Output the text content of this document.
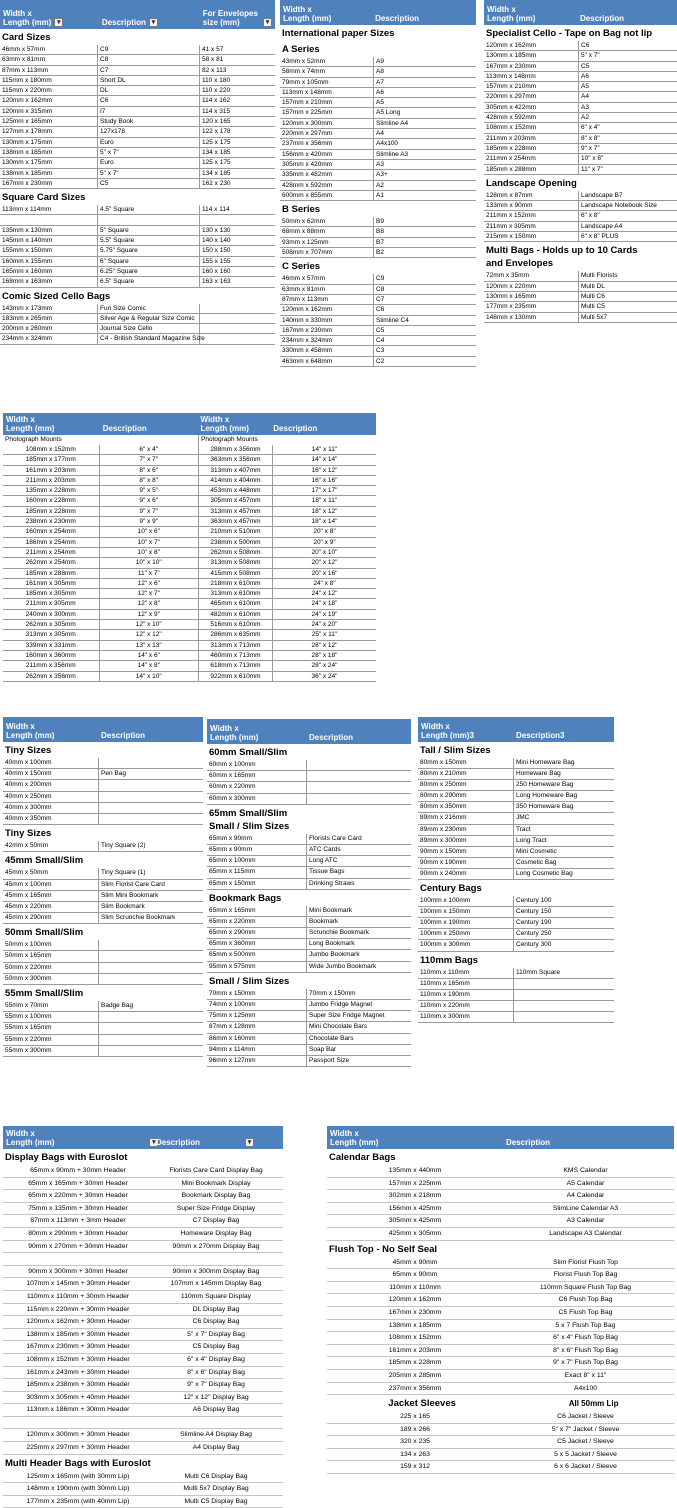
Width x
Length (mm) ▾	Description ▾
For Envelopes
size (mm)	▾
Card Sizes
46mm x 57mm	C9	41 x 57
63mm x 81mm	C8	58 x 81
87mm x 113mm	C7	82 x 113
115mm x 180mm	Short DL	110 x 180
115mm x 220mm	DL	110 x 220
120mm x 162mm	C6	114 x 162
120mm x 315mm	I7	114 x 315
125mm x 165mm	Study Book	120 x 165
127mm x 178mm	127x178	122 x 178
130mm x 175mm	Euro	125 x 175
138mm x 185mm	5" x 7"	134 x 185
130mm x 175mm	Euro	125 x 175
138mm x 185mm	5" x 7"	134 x 185
167mm x 230mm	C5	162 x 230
Square Card Sizes
113mm x 114mm	4.5" Square	114 x 114
135mm x 130mm	5" Square	130 x 130
145mm x 140mm	5.5" Square	140 x 140
155mm x 150mm	5.75" Square	150 x 150
160mm x 155mm	6" Square	155 x 155
165mm x 160mm	6.25" Square	160 x 160
168mm x 163mm	6.5" Square	163 x 163
Comic Sized Cello Bags
143mm x 173mm	Fun Size Comic
183mm x 265mm	Silver Age & Regular Size Comic
200mm x 260mm	Journal Size Cello
234mm x 324mm	C4 - British Standard Magazine Size
Width x
Length (mm)	Description
International paper Sizes
A Series
43mm x 52mm	A9
58mm x 74mm	A8
79mm x 105mm	A7
113mm x 148mm	A6
157mm x 210mm	A5
157mm x 225mm	A5 Long
120mm x 300mm	Slimline A4
220mm x 297mm	A4
237mm x 356mm	A4x100
156mm x 420mm	Slimline A3
305mm x 420mm	A3
335mm x 482mm	A3+
428mm x 592mm	A2
600mm x 855mm	A1
B Series
50mm x 62mm	B9
68mm x 88mm	B8
93mm x 125mm	B7
508mm x 707mm	B2
C Series
46mm x 57mm	C9
63mm x 81mm	C8
87mm x 113mm	C7
120mm x 162mm	C6
140mm x 330mm	Slimline C4
167mm x 230mm	C5
234mm x 324mm	C4
330mm x 458mm	C3
463mm x 648mm	C2
Width x
Length (mm)	Description
Specialist Cello - Tape on Bag not lip
120mm x 162mm	C6
130mm x 185mm	5" x 7"
167mm x 230mm	C5
113mm x 148mm	A6
157mm x 210mm	A5
220mm x 297mm	A4
305mm x 422mm	A3
428mm x 592mm	A2
108mm x 152mm	6" x 4"
211mm x 203mm	8" x 8"
185mm x 228mm	9" x 7"
211mm x 254mm	10" x 8"
185mm x 288mm	11" x 7"
Landscape Opening
128mm x 87mm	Landscape B7
133mm x 90mm	Landscape Notebook Size
211mm x 152mm	6" x 8"
211mm x 305mm	Landscape A4
215mm x 150mm	6" x 8" PLUS
Multi Bags - Holds up to 10 Cards
and Envelopes
72mm x 35mm	Multi Florists
120mm x 220mm	Multi DL
130mm x 165mm	Multi C6
177mm x 235mm	Multi C5
148mm x 130mm	Multi 5x7
Width x
Length (mm)	Description
Width x
Length (mm)	Description
Photograph Mounts
108mm x 152mm	6" x 4"
185mm x 177mm	7" x 7"
161mm x 203mm	8" x 6"
211mm x 203mm	8" x 8"
135mm x 228mm	9" x 5"
160mm x 228mm	9" x 6"
185mm x 228mm	9" x 7"
238mm x 230mm	9" x 9"
160mm x 254mm	10" x 6"
186mm x 254mm	10" x 7"
211mm x 254mm	10" x 8"
262mm x 254mm	10" x 10"
185mm x 288mm	11" x 7"
161mm x 305mm	12" x 6"
185mm x 305mm	12" x 7"
211mm x 305mm	12" x 8"
240mm x 300mm	12" x 9"
262mm x 305mm	12" x 10"
313mm x 305mm	12" x 12"
339mm x 331mm	13" x 13"
160mm x 360mm	14" x 6"
211mm x 356mm	14" x 8"
262mm x 356mm	14" x 10"
Photograph Mounts
288mm x 356mm	14" x 11"
363mm x 356mm	14" x 14"
313mm x 407mm	16" x 12"
414mm x 404mm	16" x 16"
453mm x 448mm	17" x 17"
305mm x 457mm	18" x 11"
313mm x 457mm	18" x 12"
363mm x 457mm	18" x 14"
210mm x 510mm	20" x 8"
238mm x 500mm	20" x 9"
262mm x 508mm	20" x 10"
313mm x 508mm	20" x 12"
415mm x 508mm	20" x 16"
218mm x 610mm	24" x 8"
313mm x 610mm	24" x 12"
465mm x 610mm	24" x 18"
482mm x 610mm	24" x 19"
516mm x 610mm	24" x 20"
286mm x 635mm	25" x 11"
313mm x 713mm	28" x 12"
460mm x 713mm	28" x 18"
618mm x 713mm	28" x 24"
922mm x 610mm	36" x 24"
Width x
Length (mm)	Description
Tiny Sizes
40mm x 100mm
40mm x 150mm	Pen Bag
40mm x 200mm
40mm x 250mm
40mm x 300mm
40mm x 350mm
Tiny Sizes
42mm x 50mm	Tiny Square (2)
45mm Small/Slim
45mm x 50mm	Tiny Square (1)
45mm x 100mm	Slim Florist Care Card
45mm x 165mm	Slim Mini Bookmark
45mm x 220mm	Slim Bookmark
45mm x 290mm	Slim Scrunchie Bookmark
50mm Small/Slim
50mm x 100mm
50mm x 165mm
50mm x 220mm
50mm x 300mm
55mm Small/Slim
55mm x 70mm	Badge Bag
55mm x 100mm
55mm x 165mm
55mm x 220mm
55mm x 300mm
Width x
Length (mm)	Description
60mm Small/Slim
60mm x 100mm
60mm x 165mm
60mm x 220mm
60mm x 300mm
65mm Small/Slim
Small / Slim Sizes
65mm x 90mm	Florists Care Card
65mm x 90mm	ATC Cards
65mm x 100mm	Long ATC
65mm x 115mm	Tissue Bags
65mm x 150mm	Drinking Straws
Bookmark Bags
65mm x 165mm	Mini Bookmark
65mm x 220mm	Bookmark
65mm x 290mm	Scrunchie Bookmark
65mm x 360mm	Long Bookmark
65mm x 500mm	Jumbo Bookmark
95mm x 575mm	Wide Jumbo Bookmark
Small / Slim Sizes
70mm x 150mm	70mm x 150mm
74mm x 100mm	Jumbo Fridge Magnet
75mm x 125mm	Super Size Fridge Magnet
87mm x 128mm	Mini Chocolate Bars
86mm x 160mm	Chocolate Bars
94mm x 114mm	Soap Bar
96mm x 127mm	Passport Size
Width x
Length (mm)3	Description3
Tall / Slim Sizes
80mm x 150mm	Mini Homeware Bag
80mm x 210mm	Homeware Bag
80mm x 250mm	250 Homeware Bag
80mm x 290mm	Long Homeware Bag
80mm x 350mm	350 Homeware Bag
89mm x 216mm	JMC
89mm x 230mm	Tract
89mm x 300mm	Long Tract
90mm x 150mm	Mini Cosmetic
90mm x 190mm	Cosmetic Bag
90mm x 240mm	Long Cosmetic Bag
Century Bags
100mm x 100mm	Century 100
100mm x 150mm	Century 150
100mm x 190mm	Century 190
100mm x 250mm	Century 250
100mm x 300mm	Century 300
110mm Bags
110mm x 110mm	110mm Square
110mm x 165mm
110mm x 190mm
110mm x 220mm
110mm x 300mm
Width x
Length (mm)	▾ Description	▾
Display Bags with Euroslot
65mm x 90mm + 30mm Header	Florists Care Card Display Bag
65mm x 165mm + 30mm Header	Mini Bookmark Display
65mm x 220mm + 30mm Header	Bookmark Display Bag
75mm x 135mm + 30mm Header	Super Size Fridge Display
87mm x 113mm + 3mm Header	C7 Display Bag
80mm x 290mm + 30mm Header	Homeware Display Bag
90mm x 270mm + 30mm Header	90mm x 270mm Display Bag
90mm x 300mm + 30mm Header	90mm x 300mm Display Bag
107mm x 145mm + 30mm Header	107mm x 145mm Display Bag
110mm x 110mm + 30mm Header	110mm Square Display
115mm x 220mm + 30mm Header	DL Display Bag
120mm x 162mm + 30mm Header	C6 Display Bag
138mm x 185mm + 30mm Header	5" x 7" Display Bag
167mm x 230mm + 30mm Header	C5 Display Bag
108mm x 152mm + 30mm Header	6" x 4" Display Bag
161mm x 243mm + 30mm Header	8" x 6" Display Bag
185mm x 238mm + 30mm Header	9" x 7" Display Bag
303mm x 305mm + 40mm Header	12" x 12" Display Bag
113mm x 186mm + 30mm Header	A6 Display Bag
120mm x 300mm + 30mm Header	Slimline A4 Display Bag
225mm x 297mm + 30mm Header	A4 Display Bag
Multi Header Bags with Euroslot
125mm x 165mm (with 30mm Lip)	Multi C6 Display Bag
148mm x 190mm (with 30mm Lip)	Multi 5x7 Display Bag
177mm x 235mm (with 40mm Lip)	Multi C5 Display Bag
Width x
Length (mm)	Description
Calendar Bags
135mm x 440mm	KMS Calendar
157mm x 225mm	A5 Calendar
302mm x 218mm	A4 Calendar
156mm x 425mm	SlimLine Calendar A3
305mm x 425mm	A3 Calendar
425mm x 305mm	Landscape A3 Calendar
Flush Top - No Self Seal
45mm x 90mm	Slim Florist Flush Top
65mm x 90mm	Florist Flush Top Bag
110mm x 110mm	110mm Square Flush Top Bag
120mm x 162mm	C6 Flush Top Bag
167mm x 230mm	C5 Flush Top Bag
138mm x 185mm	5 x 7 Flush Top Bag
108mm x 152mm	6" x 4" Flush Top Bag
161mm x 203mm	8" x 6" Flush Top Bag
185mm x 228mm	9" x 7" Flush Top Bag
205mm x 285mm	Exact 8" x 11"
237mm x 356mm	A4x100
Jacket Sleeves	All 50mm Lip
225 x 165	C6 Jacket / Sleeve
189 x 266	5" x 7" Jacket / Sleeve
320 x 235	C5 Jacket / Sleeve
134 x 263	5 x 5 Jacket / Sleeve
159 x 312	6 x 6 Jacket / Sleeve
